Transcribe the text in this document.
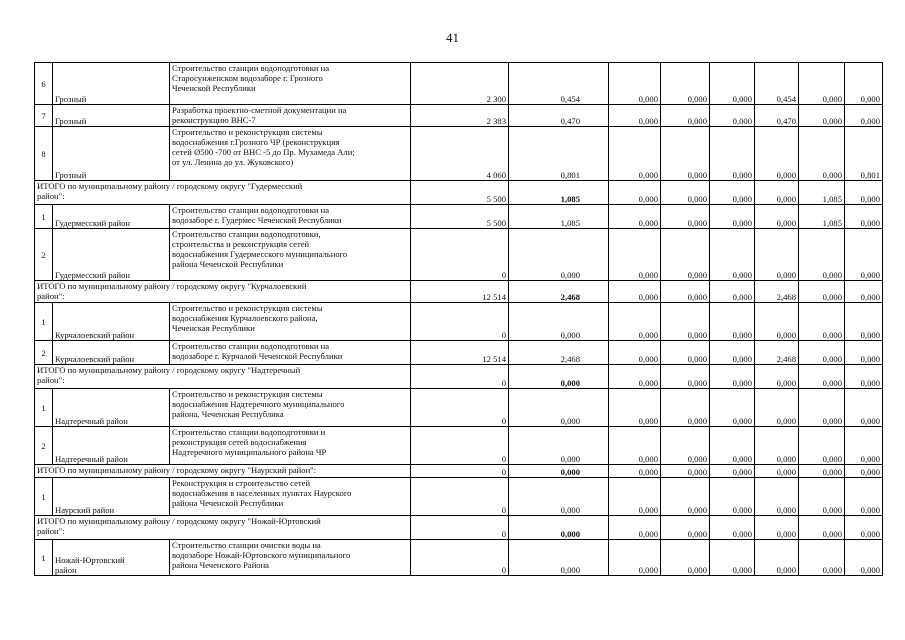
41
6	Грозный	Строительство станции водоподготовки на
Старосунженском водозаборе г. Грозного
Чеченской Республики	2 300	0,454	0,000	0,000	0,000	0,454	0,000	0,000
7	Грозный	Разработка проектно-сметной документации на
реконструкцию ВНС-7	2 383	0,470	0,000	0,000	0,000	0,470	0,000	0,000
8	Грозный	Строительство и реконструкция системы
водоснабжения г.Грозного ЧР (реконструкция
сетей Ø500 -700 от ВНС -5 до Пр. Мухамеда Али;
от ул. Ленина до ул. Жуковского)	4 060	0,801	0,000	0,000	0,000	0,000	0,000	0,801
ИТОГО по муниципальному району / городскому округу "Гудермесский
район":			5 500	1,085	0,000	0,000	0,000	0,000	1,085	0,000
1	Гудермесский район	Строительство станции водоподготовки на
водозаборе г. Гудермес Чеченской Республики	5 500	1,085	0,000	0,000	0,000	0,000	1,085	0,000
2	Гудермесский район	Строительство станции водоподготовки,
строительства и реконструкция сетей
водоснабжения Гудермесского муниципального
района Чеченской Республики	0	0,000	0,000	0,000	0,000	0,000	0,000	0,000
ИТОГО по муниципальному району / городскому округу "Курчалоевский
район":			12 514	2,468	0,000	0,000	0,000	2,468	0,000	0,000
1	Курчалоевский район	Строительство и реконструкция системы
водоснабжения Курчалоевского района,
Чеченская Республики	0	0,000	0,000	0,000	0,000	0,000	0,000	0,000
2	Курчалоевский район	Строительство станции водоподготовки на
водозаборе г. Курчалой Чеченской Республики	12 514	2,468	0,000	0,000	0,000	2,468	0,000	0,000
ИТОГО по муниципальному району / городскому округу "Надтеречный
район":			0	0,000	0,000	0,000	0,000	0,000	0,000	0,000
1	Надтеречный район	Строительство и реконструкция системы
водоснабжения Надтеречного муниципального
района, Чеченская Республика	0	0,000	0,000	0,000	0,000	0,000	0,000	0,000
2	Надтеречный район	Строительство станции водоподготовки и
реконструкция сетей водоснабжения
Надтеречного муниципального района ЧР	0	0,000	0,000	0,000	0,000	0,000	0,000	0,000
ИТОГО по муниципальному району / городскому округу "Наурский район":			0	0,000	0,000	0,000	0,000	0,000	0,000	0,000
1	Наурский район	Реконструкция и строительство сетей
водоснабжения в населенных пунктах Наурского
района Чеченской Республики	0	0,000	0,000	0,000	0,000	0,000	0,000	0,000
ИТОГО по муниципальному району / городскому округу "Ножай-Юртовский
район":			0	0,000	0,000	0,000	0,000	0,000	0,000	0,000
1	Ножай-Юртовский
район	Строительство станции очистки воды на
водозаборе Ножай-Юртовского муниципального
района Чеченского Района	0	0,000	0,000	0,000	0,000	0,000	0,000	0,000
